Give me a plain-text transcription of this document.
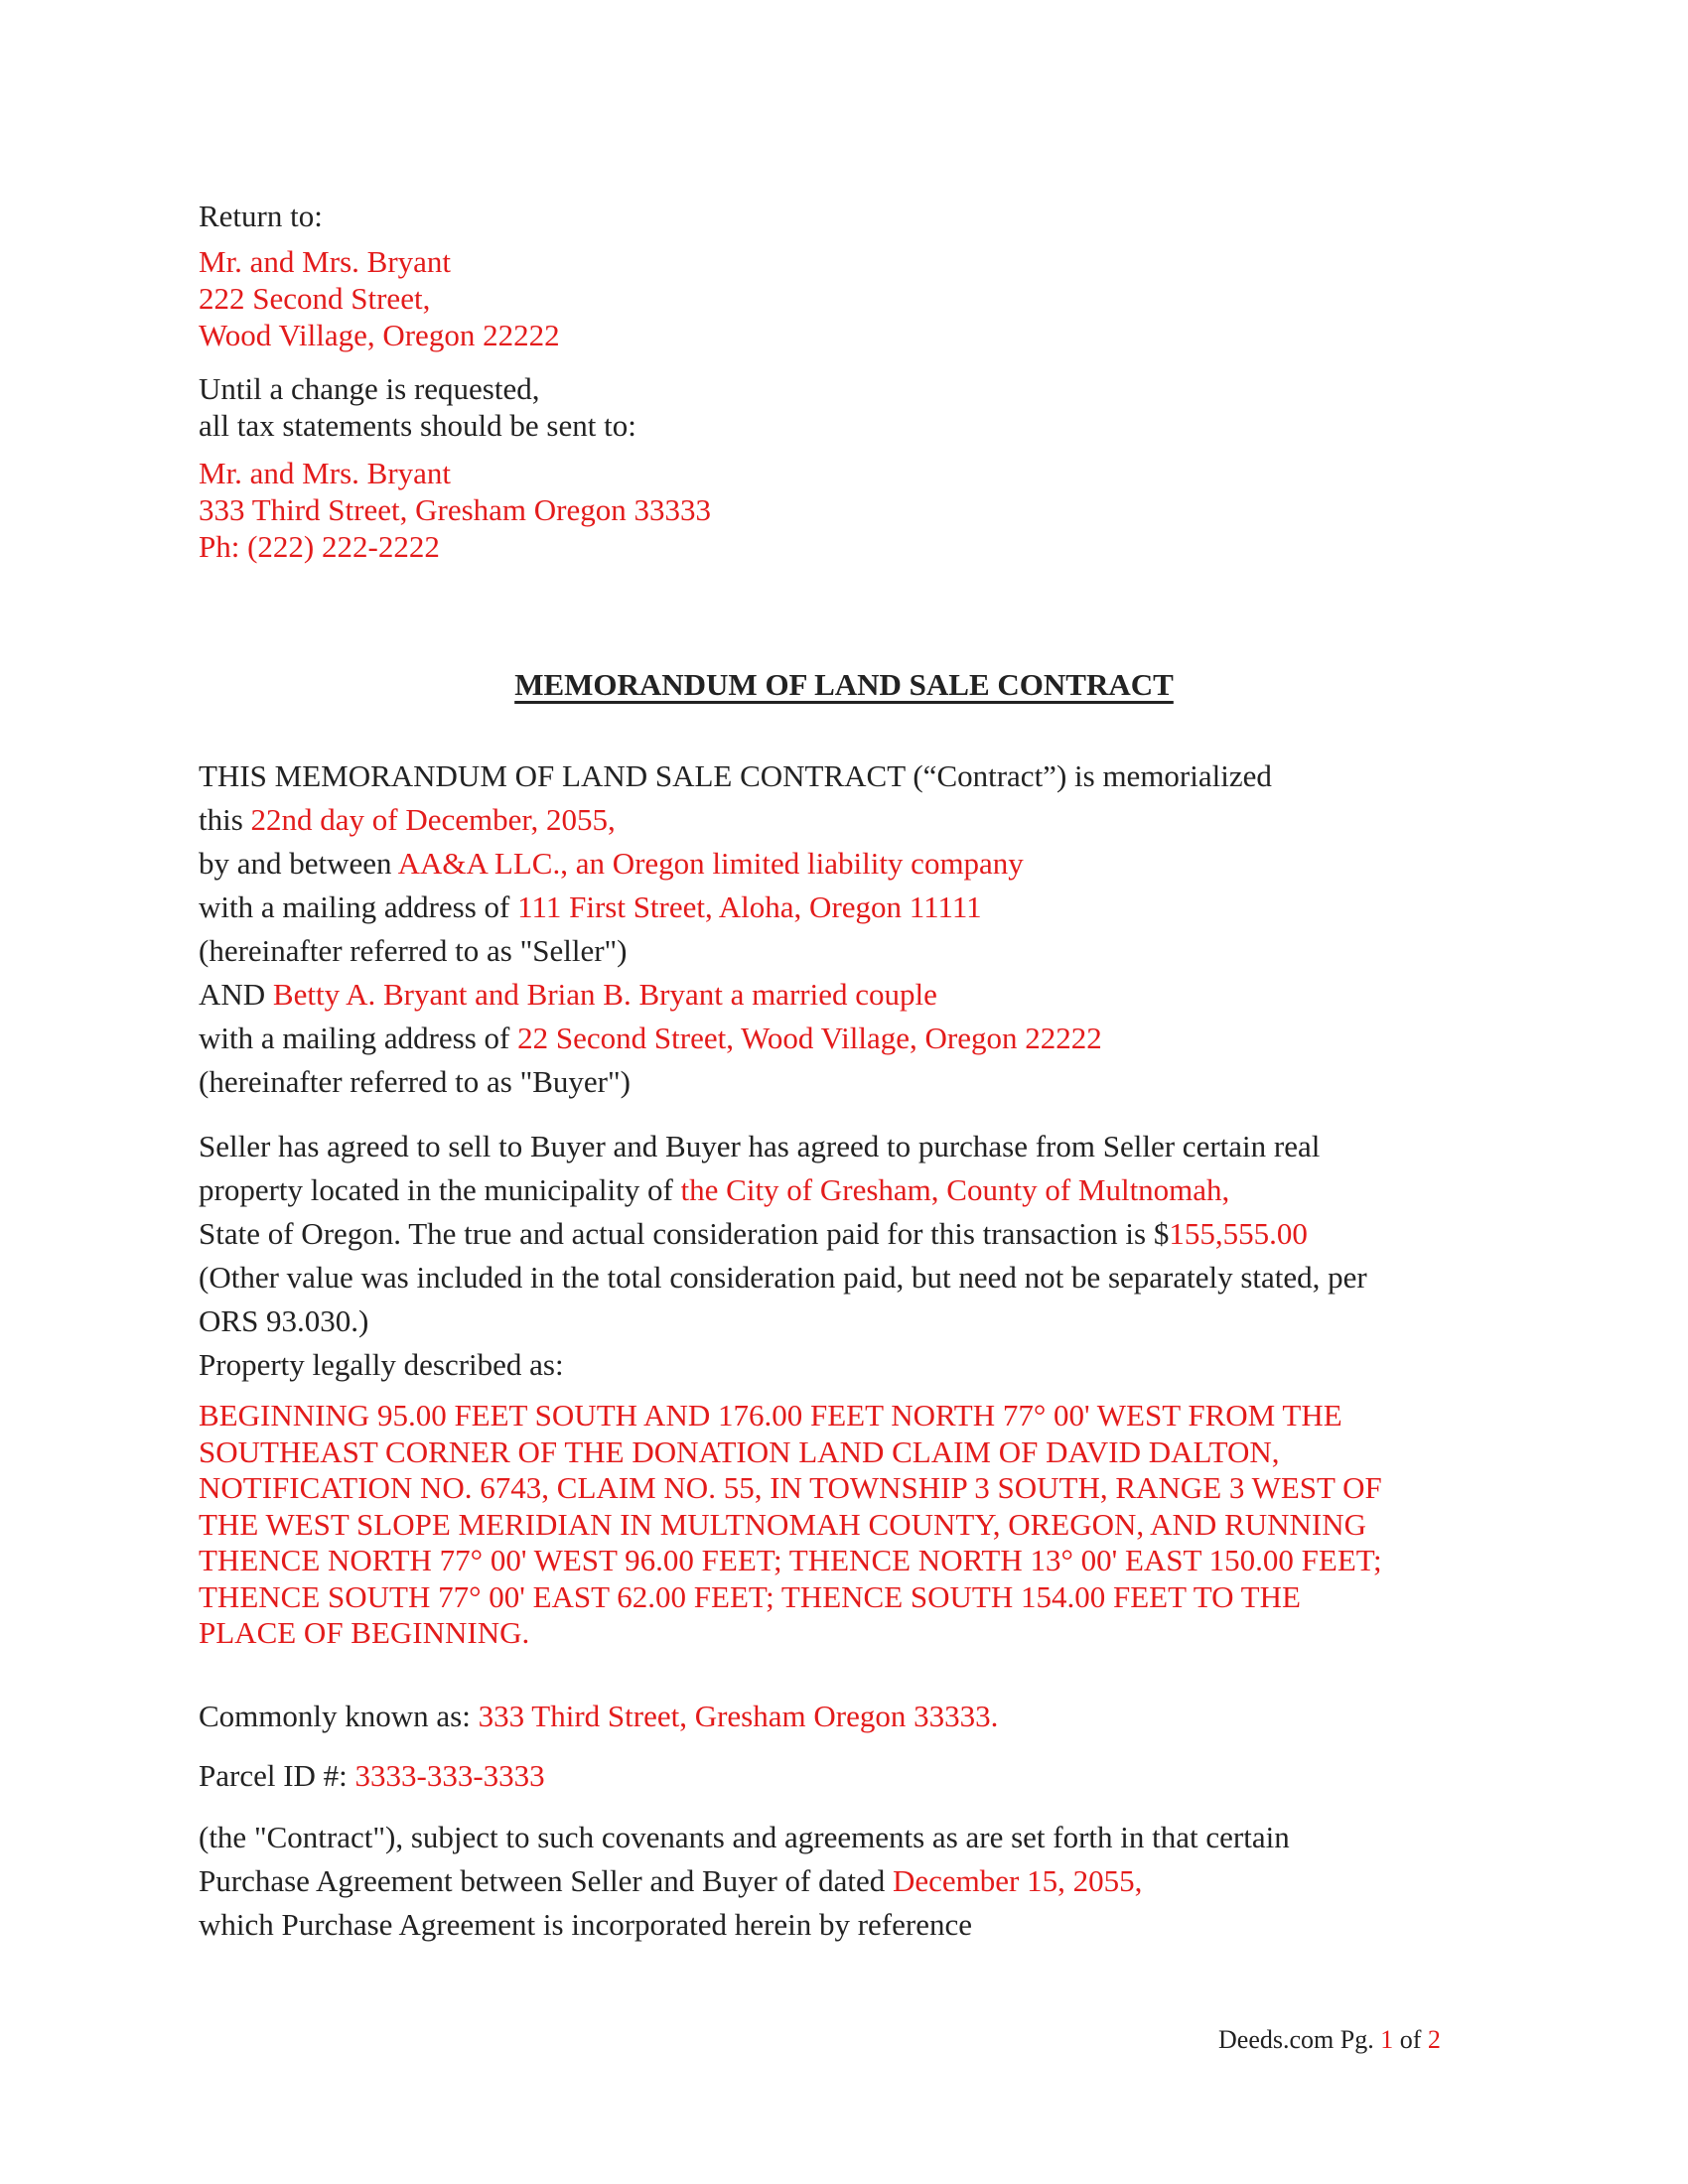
Return to:
Mr. and Mrs. Bryant
222 Second Street,
Wood Village, Oregon 22222
Until a change is requested,
all tax statements should be sent to:
Mr. and Mrs. Bryant
333 Third Street, Gresham Oregon 33333
Ph: (222) 222-2222
MEMORANDUM OF LAND SALE CONTRACT
THIS MEMORANDUM OF LAND SALE CONTRACT (“Contract”) is memorialized
this 22nd day of December, 2055,
by and between AA&A LLC., an Oregon limited liability company
with a mailing address of 111 First Street, Aloha, Oregon 11111
(hereinafter referred to as "Seller")
AND Betty A. Bryant and Brian B. Bryant a married couple
with a mailing address of 22 Second Street, Wood Village, Oregon 22222
(hereinafter referred to as "Buyer")
Seller has agreed to sell to Buyer and Buyer has agreed to purchase from Seller certain real
property located in the municipality of the City of Gresham, County of Multnomah,
State of Oregon. The true and actual consideration paid for this transaction is $155,555.00
(Other value was included in the total consideration paid, but need not be separately stated, per
ORS 93.030.)
Property legally described as:
BEGINNING 95.00 FEET SOUTH AND 176.00 FEET NORTH 77° 00' WEST FROM THE
SOUTHEAST CORNER OF THE DONATION LAND CLAIM OF DAVID DALTON,
NOTIFICATION NO. 6743, CLAIM NO. 55, IN TOWNSHIP 3 SOUTH, RANGE 3 WEST OF
THE WEST SLOPE MERIDIAN IN MULTNOMAH COUNTY, OREGON, AND RUNNING
THENCE NORTH 77° 00' WEST 96.00 FEET; THENCE NORTH 13° 00' EAST 150.00 FEET;
THENCE SOUTH 77° 00' EAST 62.00 FEET; THENCE SOUTH 154.00 FEET TO THE
PLACE OF BEGINNING.
Commonly known as: 333 Third Street, Gresham Oregon 33333.
Parcel ID #: 3333-333-3333
(the "Contract"), subject to such covenants and agreements as are set forth in that certain
Purchase Agreement between Seller and Buyer of dated December 15, 2055,
which Purchase Agreement is incorporated herein by reference
Deeds.com Pg. 1 of 2
